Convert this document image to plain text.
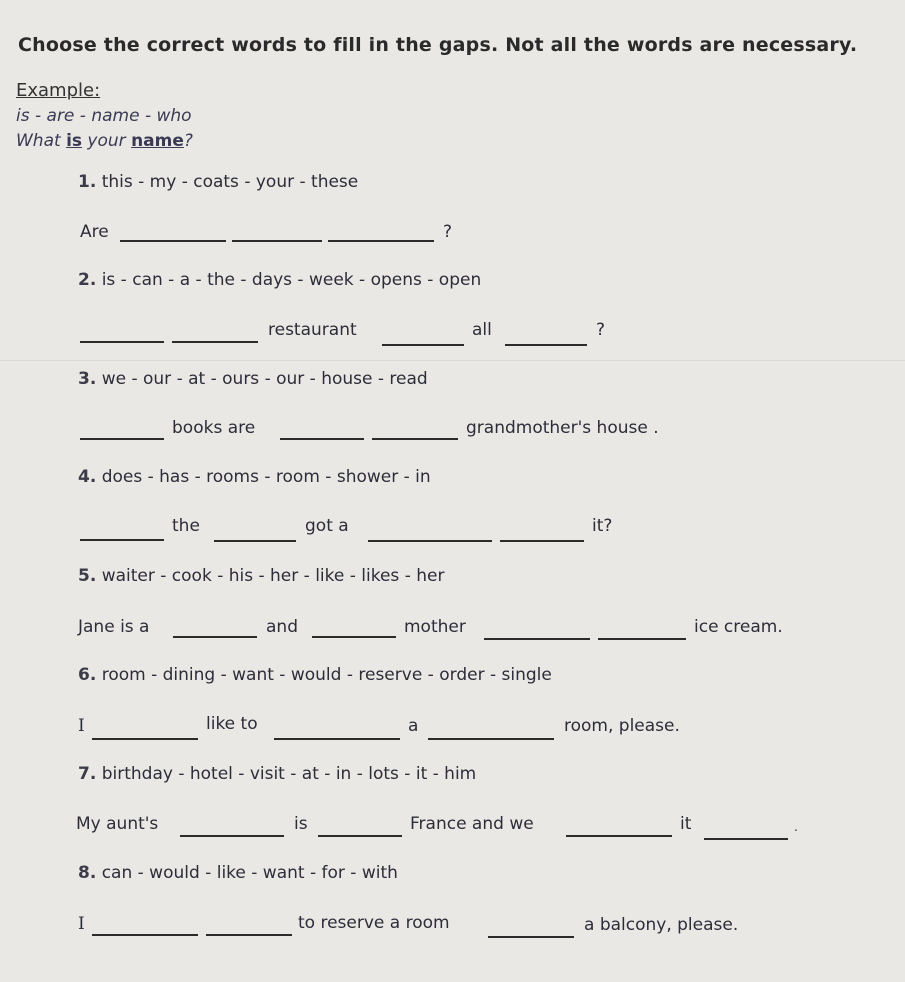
Choose the correct words to fill in the gaps. Not all the words are necessary.
Example:
is - are - name - who
What is your name?
1. this - my - coats - your - these
Are	?
2. is - can - a - the - days - week - opens - open
restaurant	all	?
3. we - our - at - ours - our - house - read
books are	grandmother's house .
4. does - has - rooms - room - shower - in
the	got a	it?
5. waiter - cook - his - her - like - likes - her
Jane is a	and	mother	ice cream.
6. room - dining - want - would - reserve - order - single
I	like to	a	room, please.
7. birthday - hotel - visit - at - in - lots - it - him
My aunt's	is	France and we	it	.
8. can - would - like - want - for - with
I	to reserve a room	a balcony, please.
